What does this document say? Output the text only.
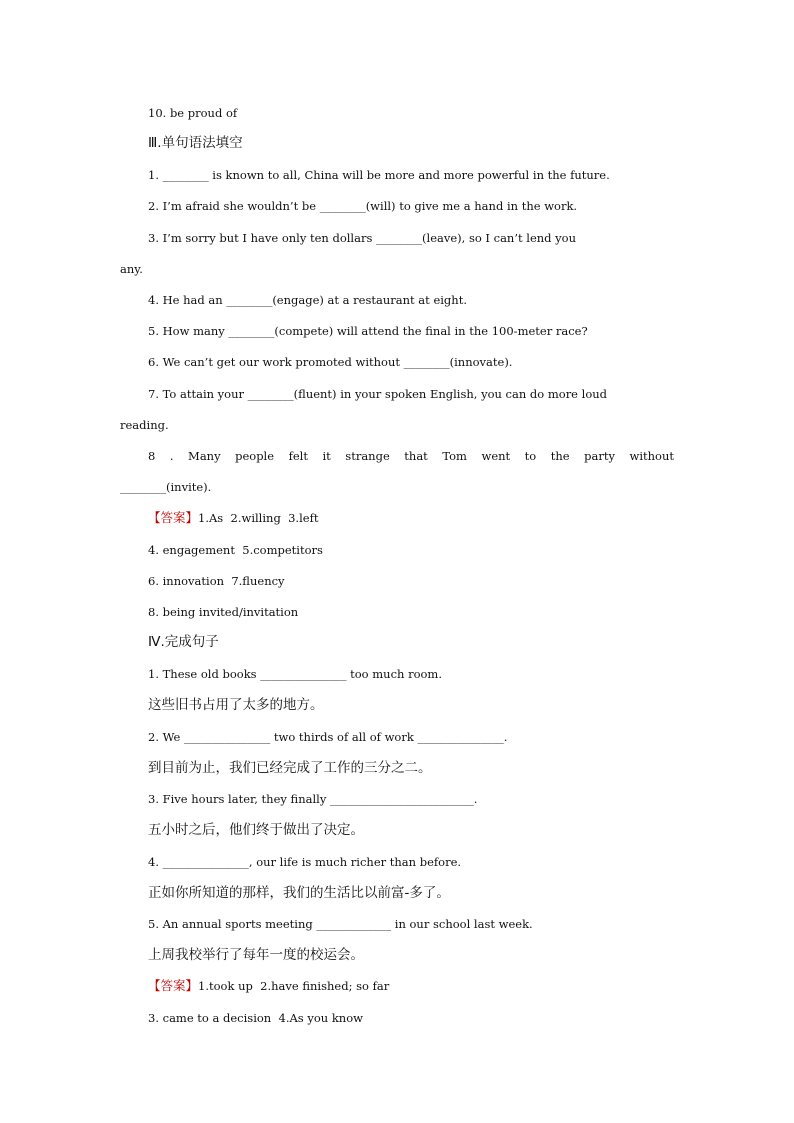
10. be proud of
Ⅲ.单句语法填空
1. ________ is known to all, China will be more and more powerful in the future.
2. I’m afraid she wouldn’t be ________(will) to give me a hand in the work.
3. I’m sorry but I have only ten dollars ________(leave), so I can’t lend you
any.
4. He had an ________(engage) at a restaurant at eight.
5. How many ________(compete) will attend the final in the 100-meter race?
6. We can’t get our work promoted without ________(innovate).
7. To attain your ________(fluent) in your spoken English, you can do more loud
reading.
8 . Many people felt it strange that Tom went to the party without
________(invite).
【答案】1.As  2.willing  3.left
4. engagement  5.competitors
6. innovation  7.fluency
8. being invited/invitation
Ⅳ.完成句子
1. These old books _______________ too much room.
这些旧书占用了太多的地方。
2. We _______________ two thirds of all of work _______________.
到目前为止，我们已经完成了工作的三分之二。
3. Five hours later, they finally _________________________.
五小时之后，他们终于做出了决定。
4. _______________, our life is much richer than before.
正如你所知道的那样，我们的生活比以前富-多了。
5. An annual sports meeting _____________ in our school last week.
上周我校举行了每年一度的校运会。
【答案】1.took up  2.have finished; so far
3. came to a decision  4.As you know
